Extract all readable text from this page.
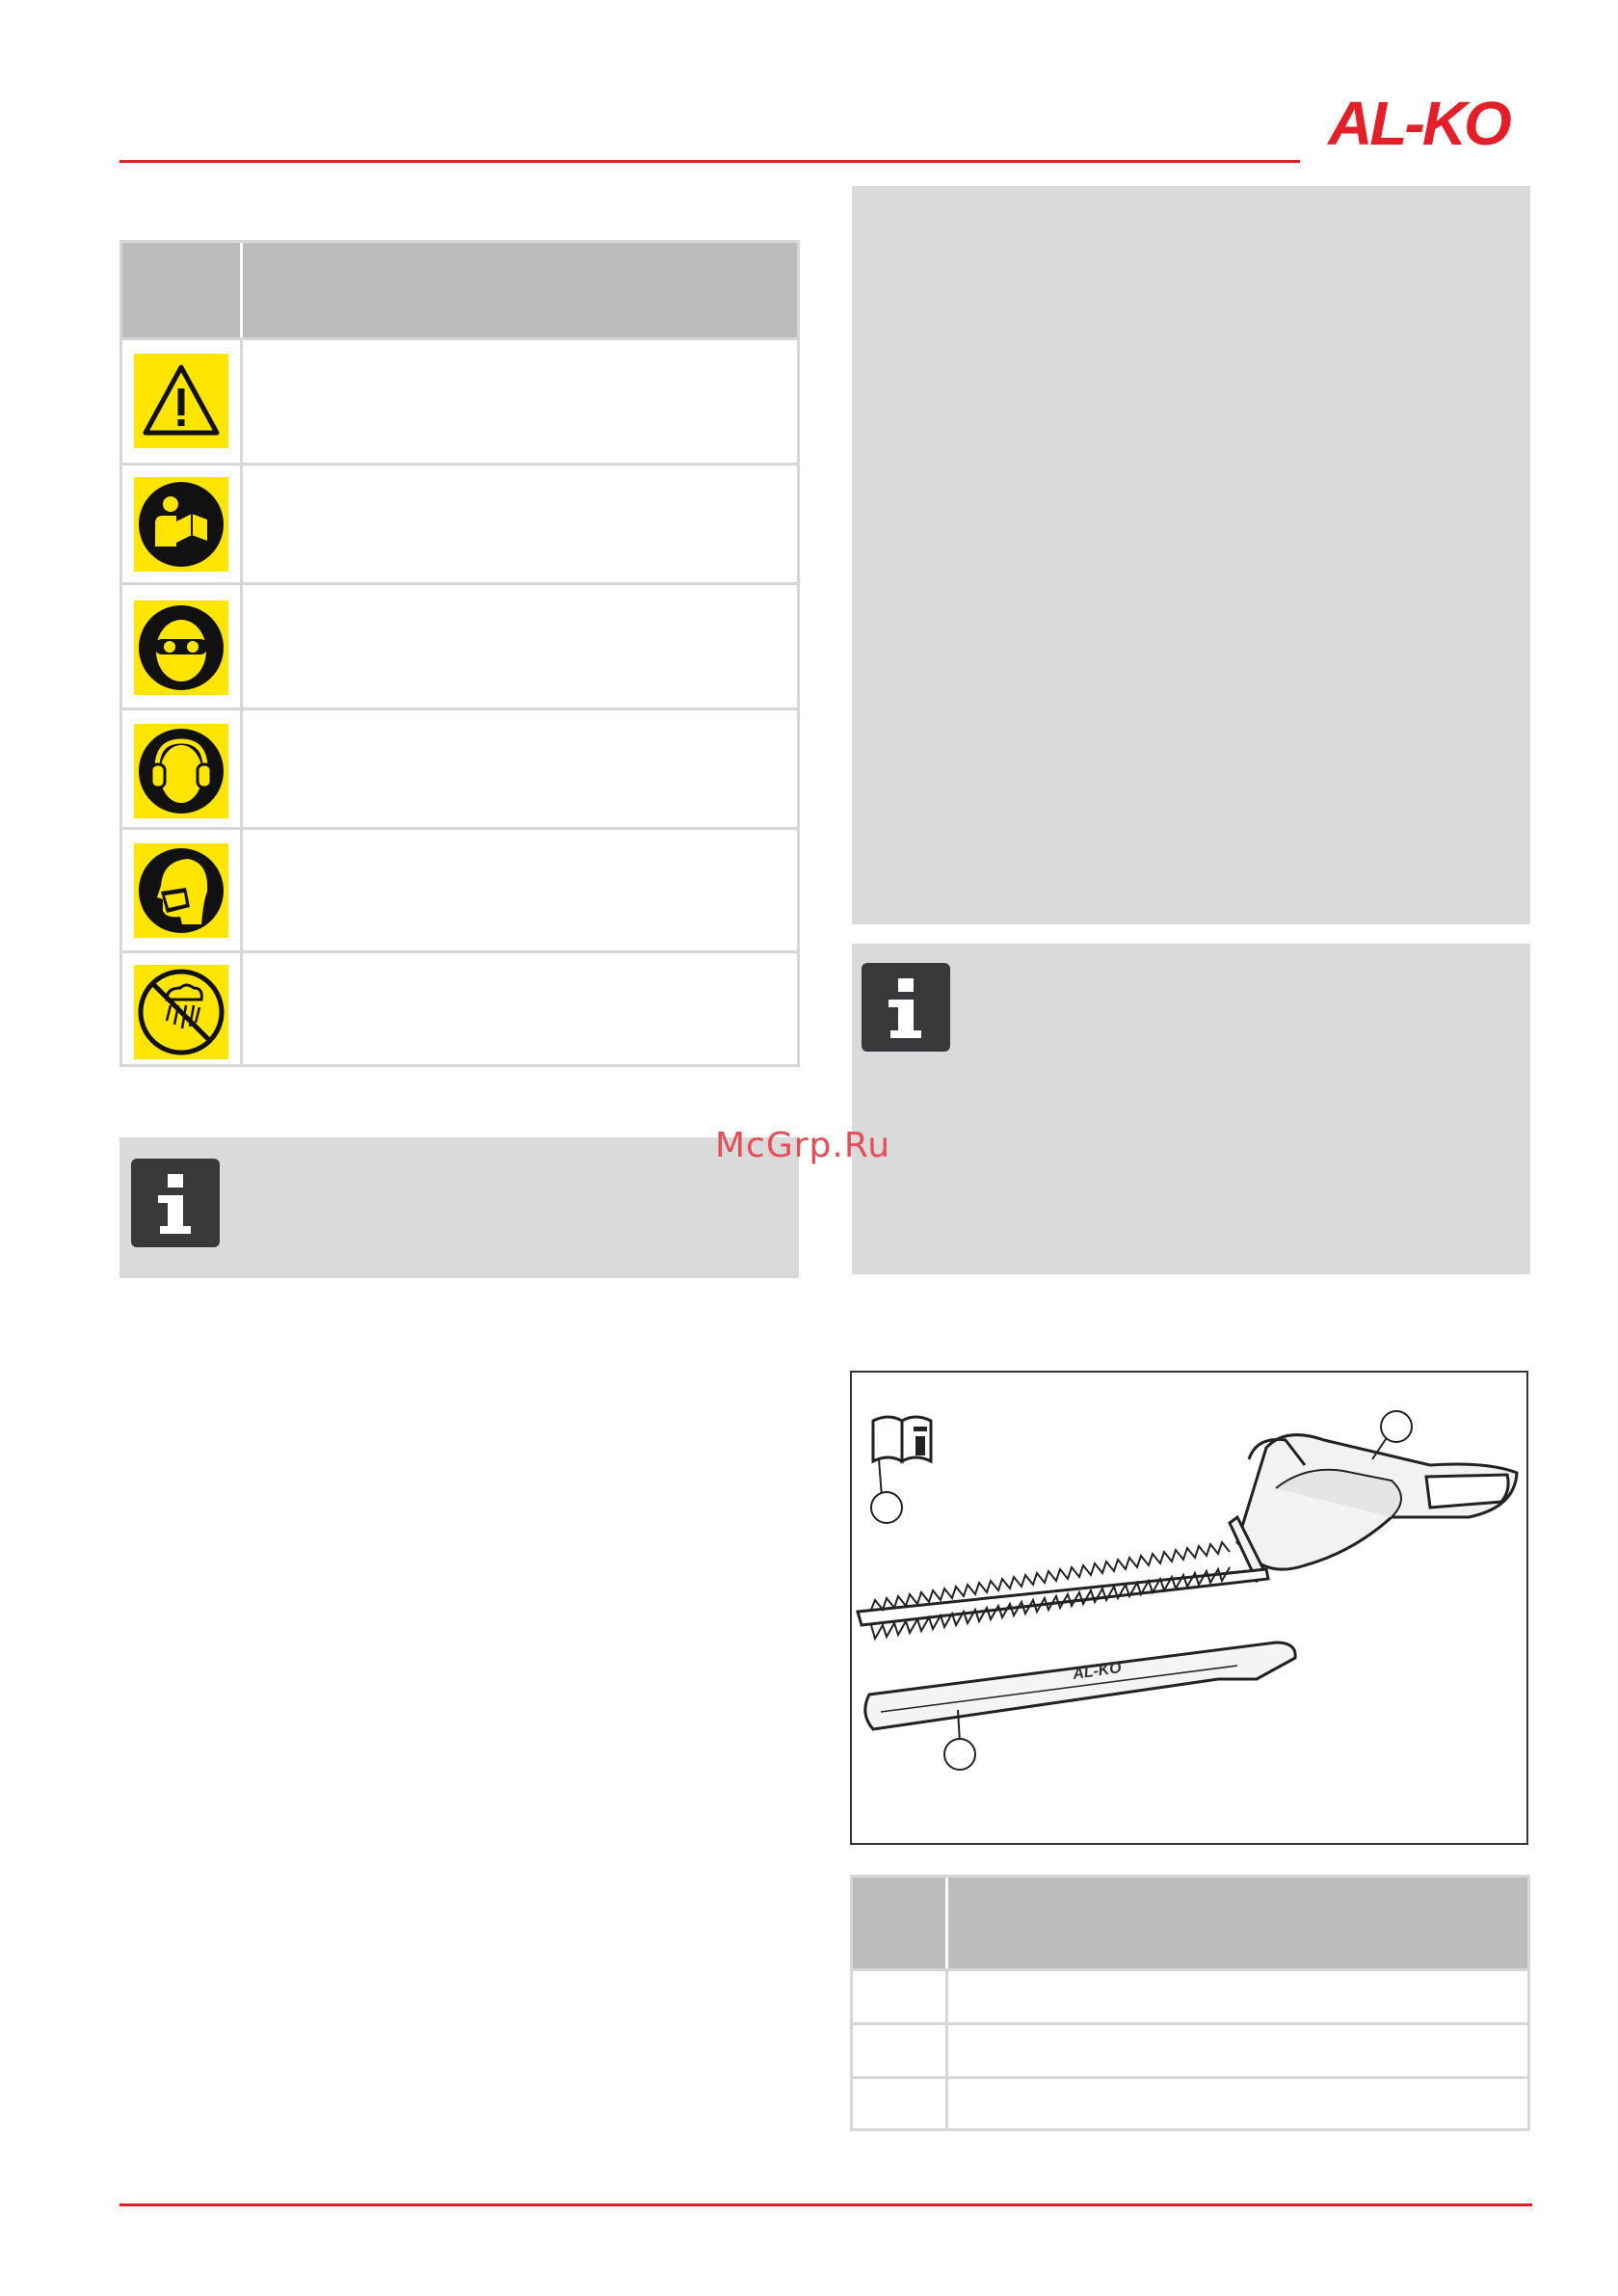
AL-KO
McGrp.Ru
AL-KO
